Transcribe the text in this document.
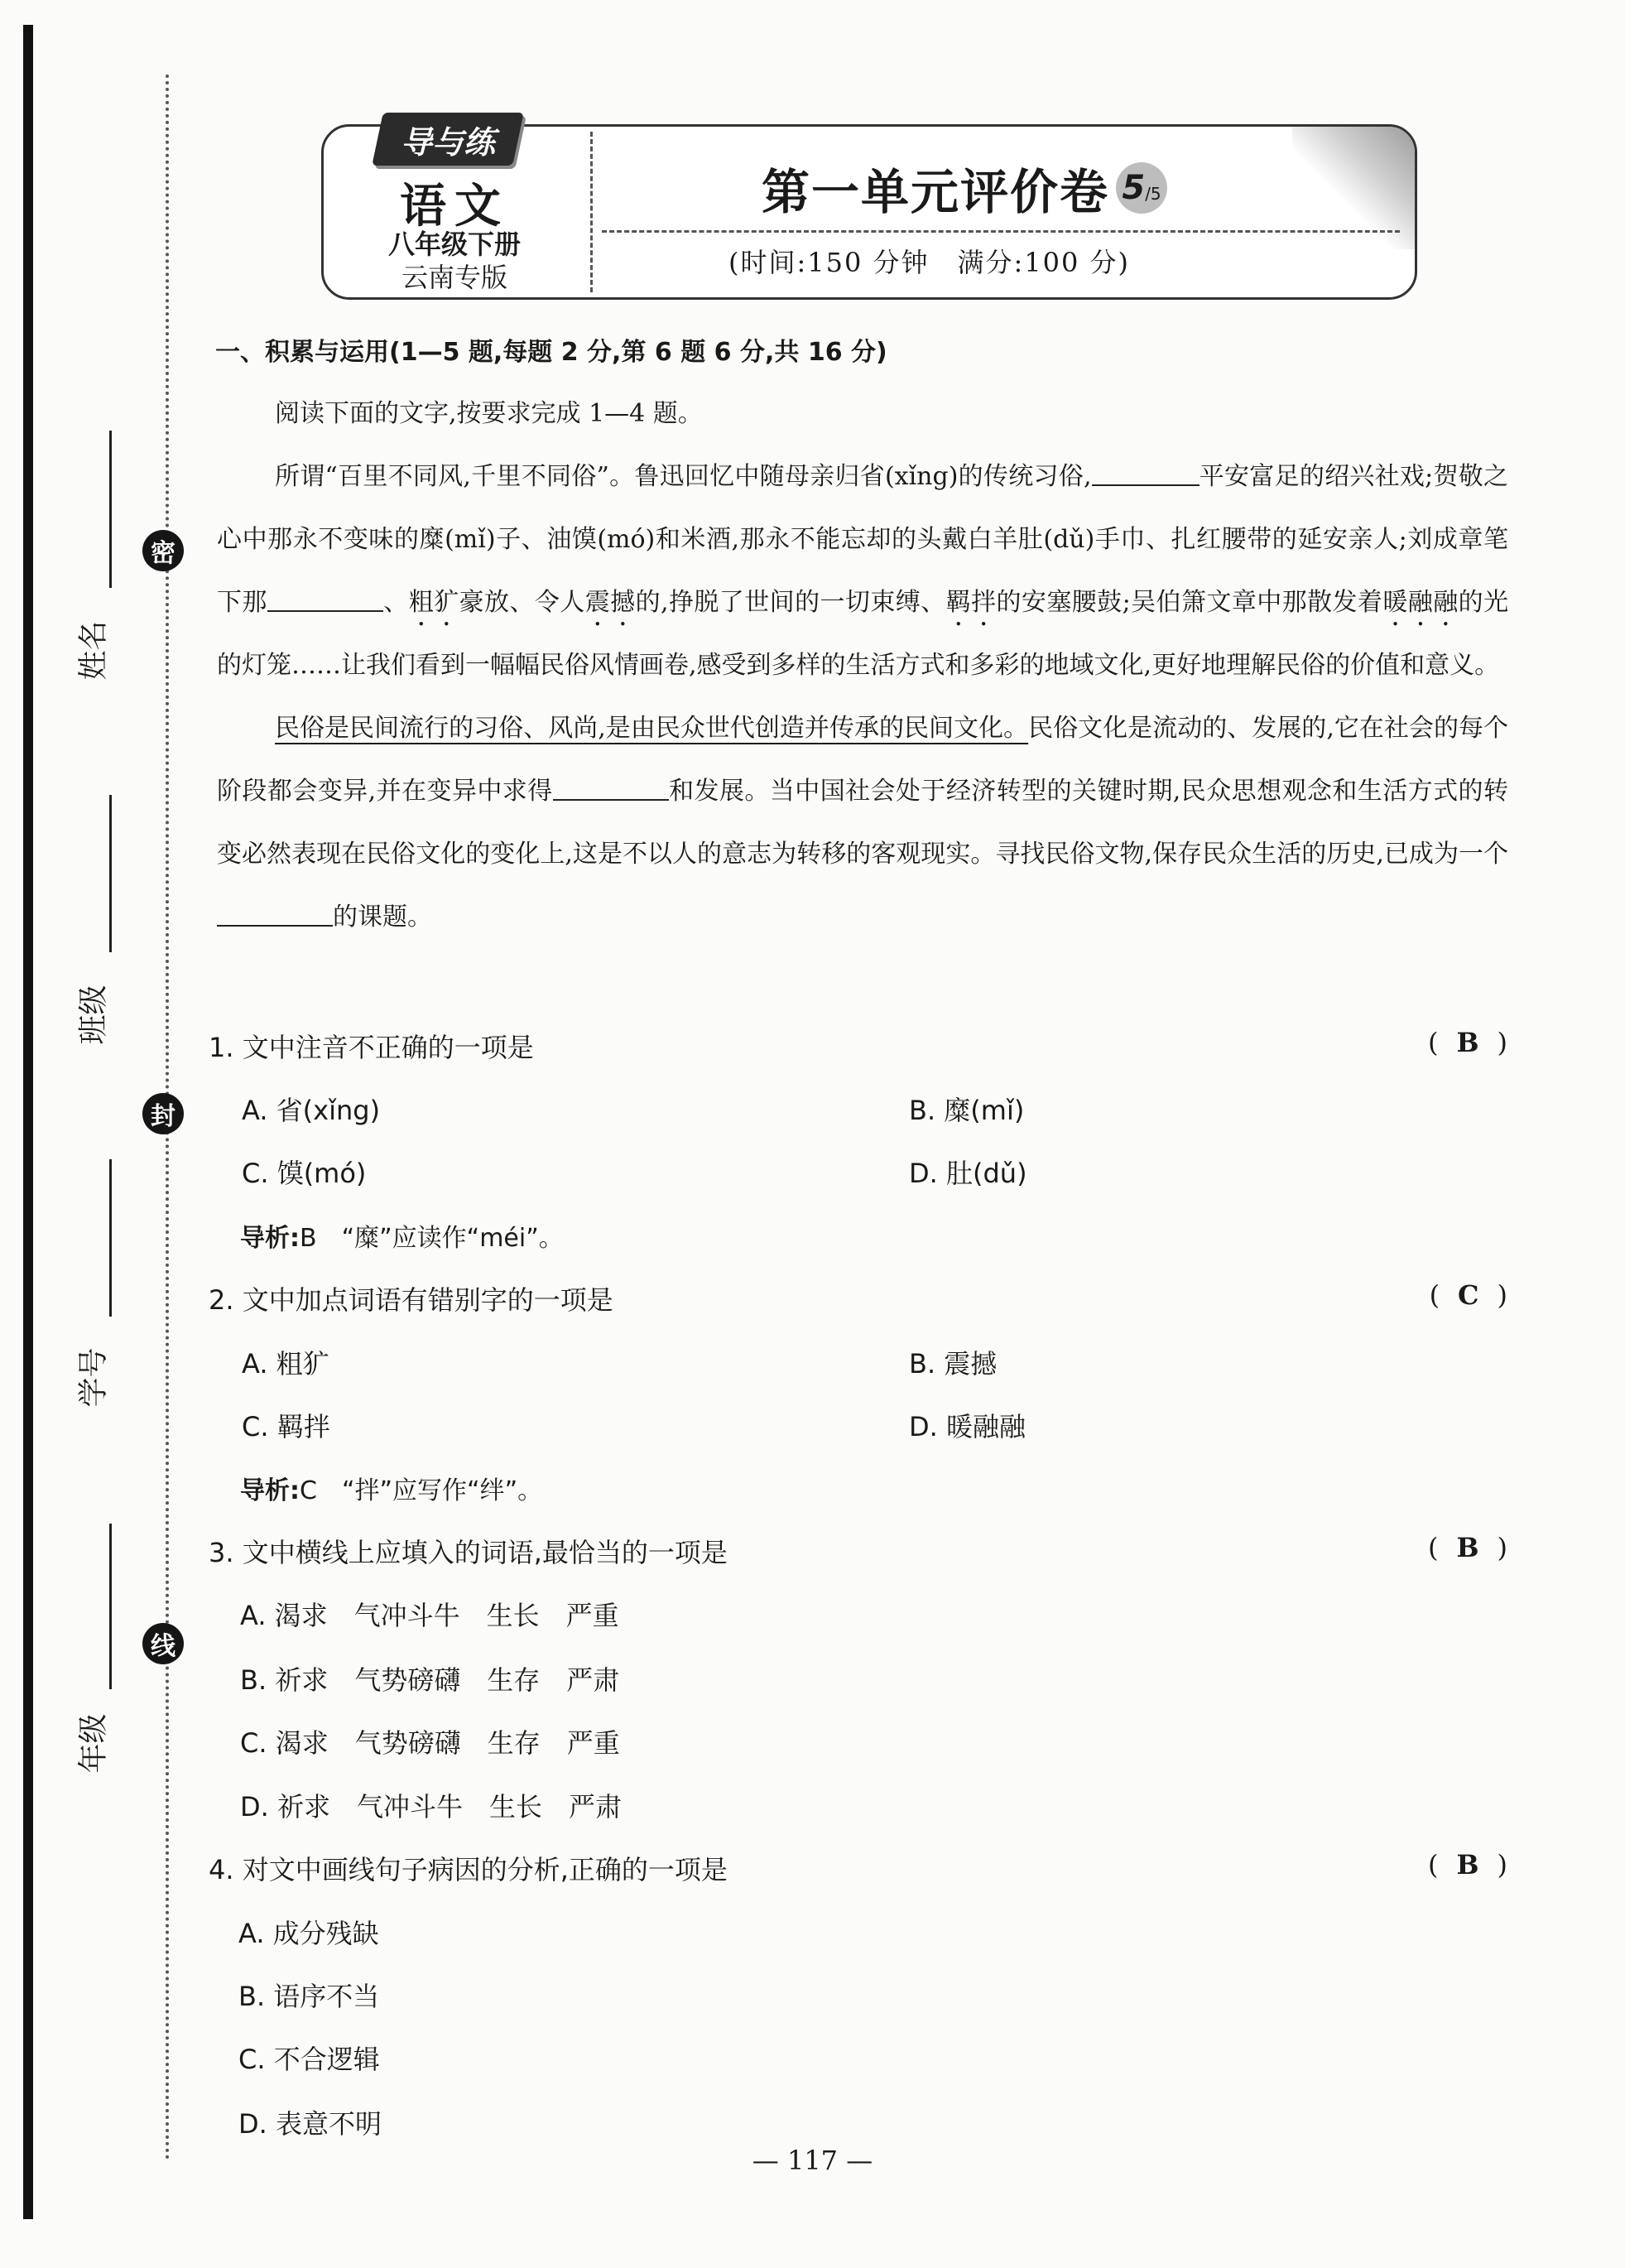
密
封
线
姓名
班级
学号
年级
导与练
语文
八年级下册
云南专版
第一单元评价卷 5 /5
(时间:150 分钟　满分:100 分)
一、积累与运用(1—5 题,每题 2 分,第 6 题 6 分,共 16 分)

阅读下面的文字,按要求完成 1—4 题。

所谓“百里不同风,千里不同俗”。鲁迅回忆中随母亲归省(xǐng)的传统习俗,	平安富足的绍兴社戏;贺敬之心中那永不变味的糜(mǐ)子、油馍(mó)和米酒,那永不能忘却的头戴白羊肚(dǔ)手巾、扎红腰带的延安亲人;刘成章笔下那	、粗犷豪放、令人震撼的,挣脱了世间的一切束缚、羁拌的安塞腰鼓;吴伯箫文章中那散发着暖融融的光的灯笼……让我们看到一幅幅民俗风情画卷,感受到多样的生活方式和多彩的地域文化,更好地理解民俗的价值和意义。

民俗是民间流行的习俗、风尚,是由民众世代创造并传承的民间文化。民俗文化是流动的、发展的,它在社会的每个阶段都会变异,并在变异中求得	和发展。当中国社会处于经济转型的关键时期,民众思想观念和生活方式的转变必然表现在民俗文化的变化上,这是不以人的意志为转移的客观现实。寻找民俗文物,保存民众生活的历史,已成为一个的课题。

1. 文中注音不正确的一项是	( B )
A. 省(xǐng)	B. 糜(mǐ)
C. 馍(mó)	D. 肚(dǔ)
导析:B　“糜”应读作“méi”。
2. 文中加点词语有错别字的一项是	( C )
A. 粗犷	B. 震撼
C. 羁拌	D. 暖融融
导析:C　“拌”应写作“绊”。
3. 文中横线上应填入的词语,最恰当的一项是	( B )
A. 渴求　气冲斗牛　生长　严重
B. 祈求　气势磅礴　生存　严肃
C. 渴求　气势磅礴　生存　严重
D. 祈求　气冲斗牛　生长　严肃
4. 对文中画线句子病因的分析,正确的一项是	( B )
A. 成分残缺
B. 语序不当
C. 不合逻辑
D. 表意不明
— 117 —
